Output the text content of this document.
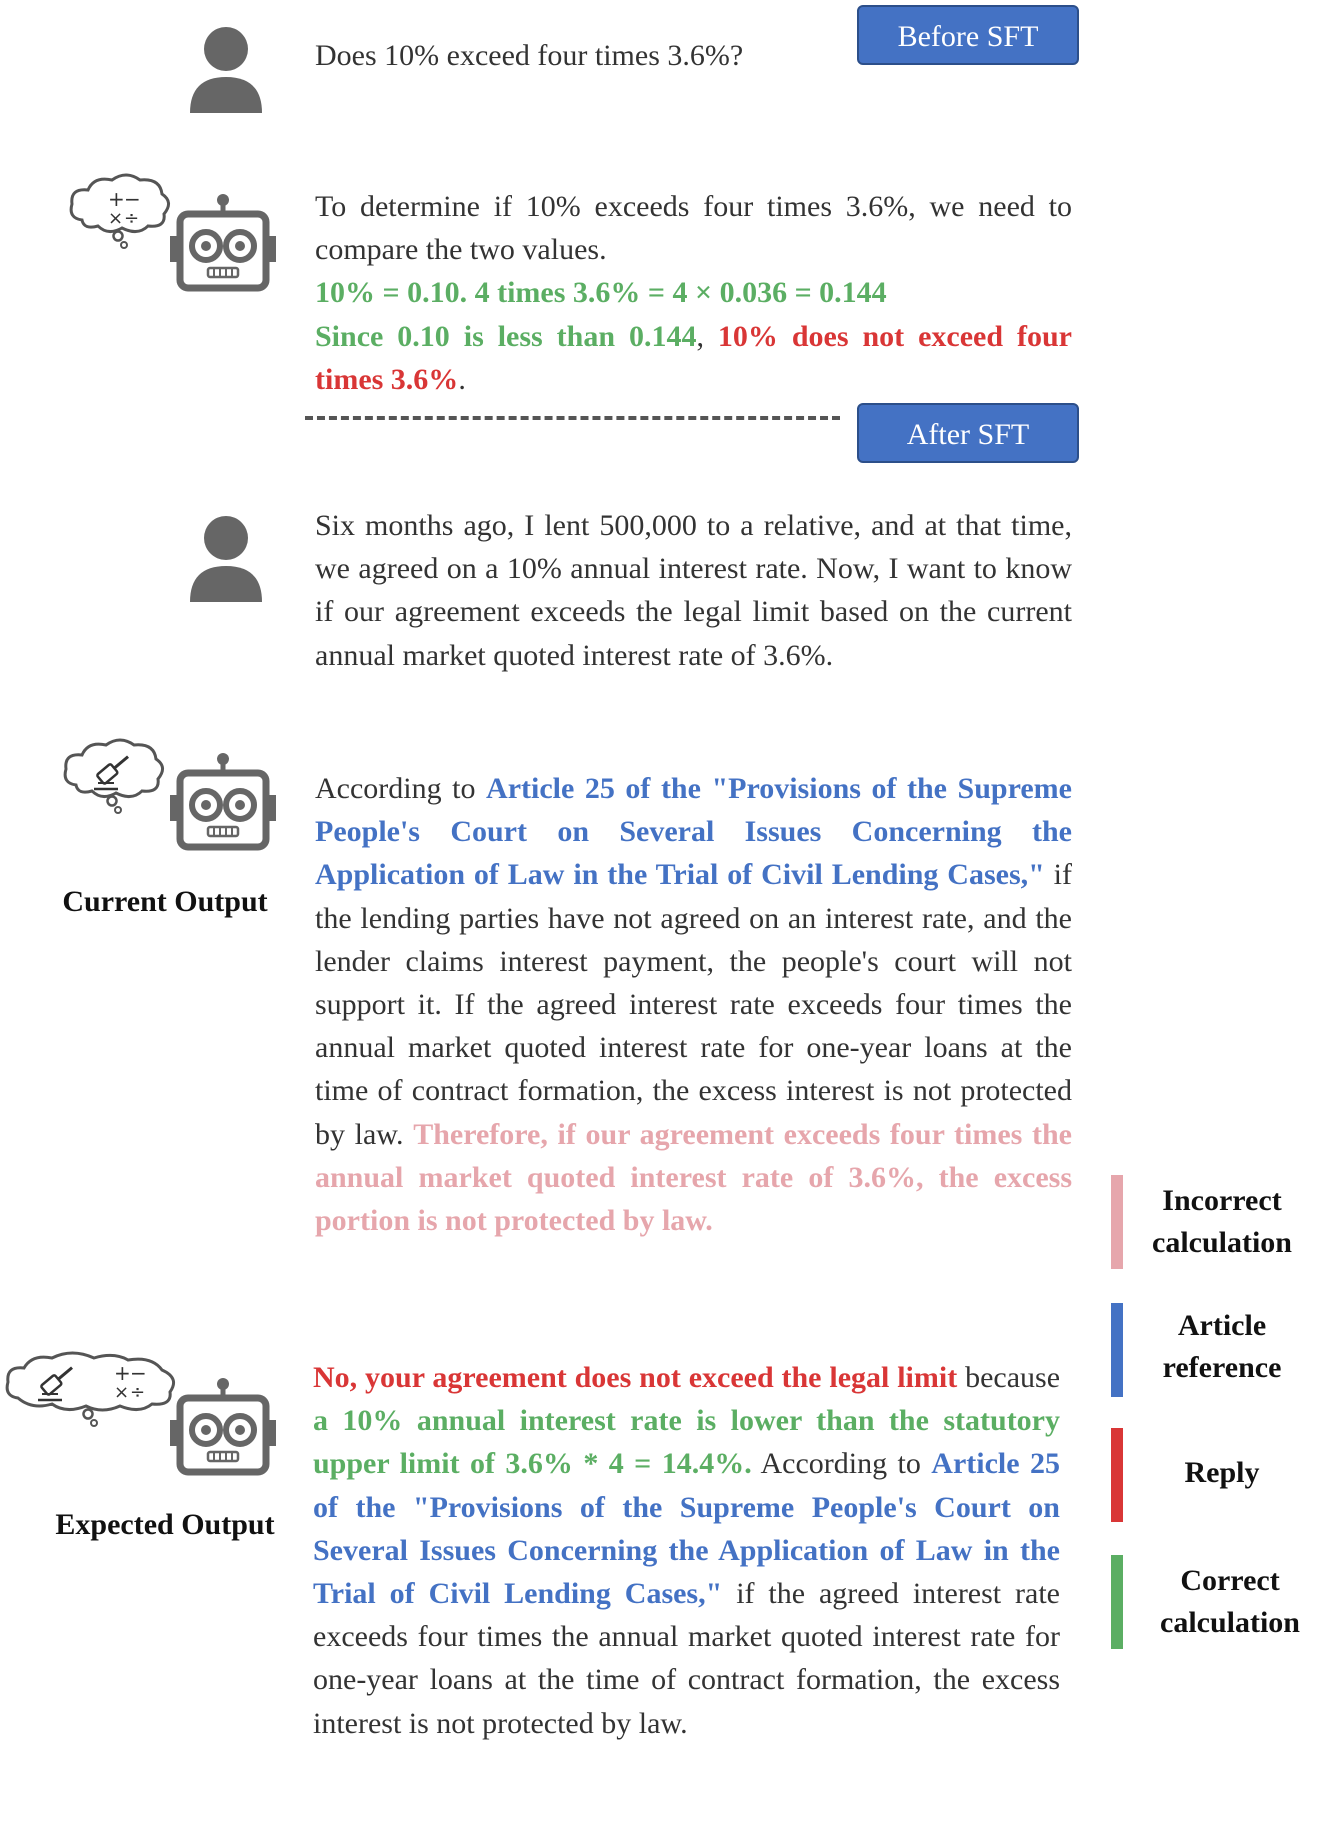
Before SFT
After SFT
Does 10% exceed four times 3.6%?
+ −
× ÷	To determine if 10% exceeds four times 3.6%, we need to compare the two values.
10% = 0.10. 4 times 3.6% = 4 × 0.036 = 0.144
Since 0.10 is less than 0.144, 10% does not exceed four times 3.6%.
Six months ago, I lent 500,000 to a relative, and at that time, we agreed on a 10% annual interest rate. Now, I want to know if our agreement exceeds the legal limit based on the current annual market quoted interest rate of 3.6%.
Current Output
According to Article 25 of the "Provisions of the Supreme People's Court on Several Issues Concerning the Application of Law in the Trial of Civil Lending Cases," if the lending parties have not agreed on an interest rate, and the lender claims interest payment, the people's court will not support it. If the agreed interest rate exceeds four times the annual market quoted interest rate for one-year loans at the time of contract formation, the excess interest is not protected by law. Therefore, if our agreement exceeds four times the annual market quoted interest rate of 3.6%, the excess portion is not protected by law.
+ −
× ÷
Expected Output
No, your agreement does not exceed the legal limit because a 10% annual interest rate is lower than the statutory upper limit of 3.6% * 4 = 14.4%. According to Article 25 of the "Provisions of the Supreme People's Court on Several Issues Concerning the Application of Law in the Trial of Civil Lending Cases," if the agreed interest rate exceeds four times the annual market quoted interest rate for one-year loans at the time of contract formation, the excess interest is not protected by law.
Incorrect
calculation
Article
reference
Reply
Correct
calculation
